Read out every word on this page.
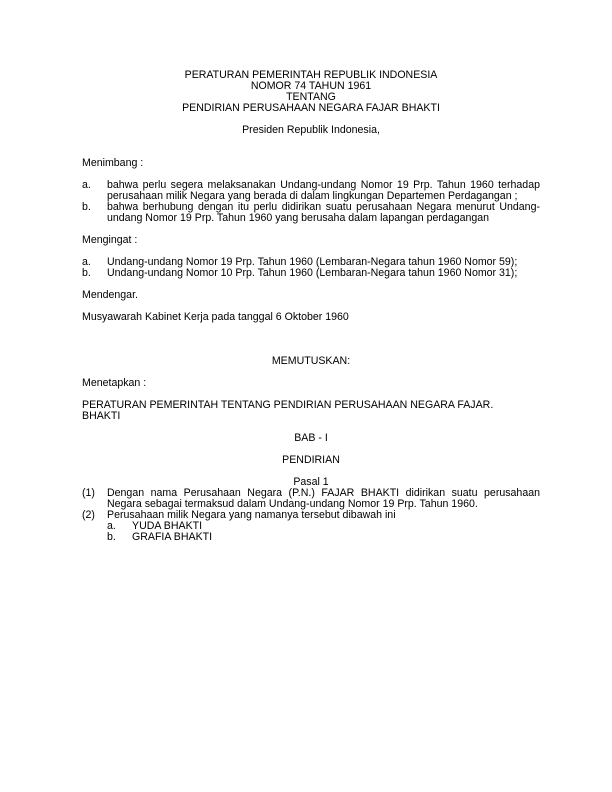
PERATURAN PEMERINTAH REPUBLIK INDONESIA
NOMOR 74 TAHUN 1961
TENTANG
PENDIRIAN PERUSAHAAN NEGARA FAJAR BHAKTI
Presiden Republik Indonesia,
Menimbang :
a.	bahwa perlu segera melaksanakan Undang-undang Nomor 19 Prp. Tahun 1960 terhadap perusahaan milik Negara yang berada di dalam lingkungan Departemen Perdagangan ;
b.	bahwa berhubung dengan itu perlu didirikan suatu perusahaan Negara menurut Undang-undang Nomor 19 Prp. Tahun 1960 yang berusaha dalam lapangan perdagangan
Mengingat :
a.	Undang-undang Nomor 19 Prp. Tahun 1960 (Lembaran-Negara tahun 1960 Nomor 59);
b.	Undang-undang Nomor 10 Prp. Tahun 1960 (Lembaran-Negara tahun 1960 Nomor 31);
Mendengar.
Musyawarah Kabinet Kerja pada tanggal 6 Oktober 1960
MEMUTUSKAN:
Menetapkan :
PERATURAN PEMERINTAH TENTANG PENDIRIAN PERUSAHAAN NEGARA FAJAR. BHAKTI
BAB - I
PENDIRIAN
Pasal 1
(1)	Dengan nama Perusahaan Negara (P.N.) FAJAR BHAKTI didirikan suatu perusahaan Negara sebagai termaksud dalam Undang-undang Nomor 19 Prp. Tahun 1960.
(2)	Perusahaan milik Negara yang namanya tersebut dibawah ini
a.	YUDA BHAKTI
b.	GRAFIA BHAKTI
